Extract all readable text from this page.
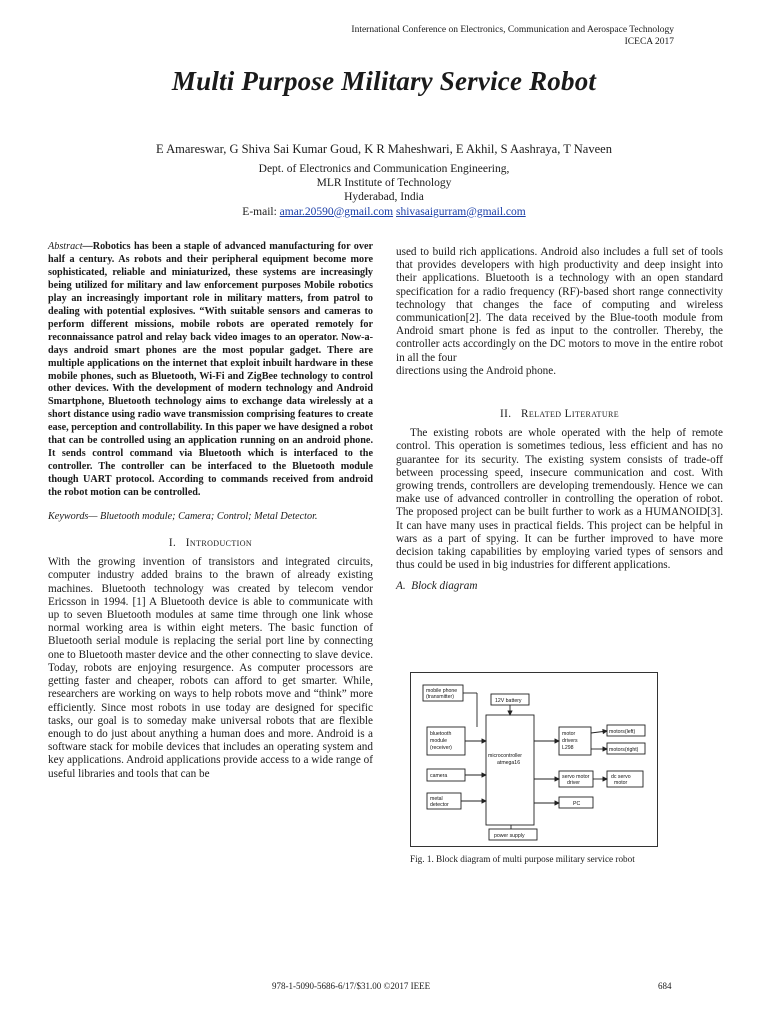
International Conference on Electronics, Communication and Aerospace Technology
ICECA 2017
Multi Purpose Military Service Robot
E Amareswar, G Shiva Sai Kumar Goud, K R Maheshwari, E Akhil, S Aashraya, T Naveen
Dept. of Electronics and Communication Engineering,
MLR Institute of Technology
Hyderabad, India
E-mail: amar.20590@gmail.com shivasaigurram@gmail.com

Abstract—Robotics has been a staple of advanced manufacturing for over half a century. As robots and their peripheral equipment become more sophisticated, reliable and miniaturized, these systems are increasingly being utilized for military and law enforcement purposes Mobile robotics play an increasingly important role in military matters, from patrol to dealing with potential explosives. “With suitable sensors and cameras to perform different missions, mobile robots are operated remotely for reconnaissance patrol and relay back video images to an operator. Now-a-days android smart phones are the most popular gadget. There are multiple applications on the internet that exploit inbuilt hardware in these mobile phones, such as Bluetooth, Wi-Fi and ZigBee technology to control other devices. With the development of modern technology and Android Smartphone, Bluetooth technology aims to exchange data wirelessly at a short distance using radio wave transmission comprising features to create ease, perception and controllability. In this paper we have designed a robot that can be controlled using an application running on an android phone. It sends control command via Bluetooth which is interfaced to the controller. The controller can be interfaced to the Bluetooth module though UART protocol. According to commands received from android the robot motion can be controlled.

Keywords— Bluetooth module; Camera; Control; Metal Detector.

I. Introduction

With the growing invention of transistors and integrated circuits, computer industry added brains to the brawn of already existing machines. Bluetooth technology was created by telecom vendor Ericsson in 1994. [1] A Bluetooth device is able to communicate with up to seven Bluetooth modules at same time through one link whose normal working area is within eight meters. The basic function of Bluetooth serial module is replacing the serial port line by connecting one to Bluetooth master device and the other connecting to slave device. Today, robots are enjoying resurgence. As computer processors are getting faster and cheaper, robots can afford to get smarter. While, researchers are working on ways to help robots move and “think” more efficiently. Since most robots in use today are designed for specific tasks, our goal is to someday make universal robots that are flexible enough to do just about anything a human does and more. Android is a software stack for mobile devices that includes an operating system and key applications. Android applications provide access to a wide range of useful libraries and tools that can be

used to build rich applications. Android also includes a full set of tools that provides developers with high productivity and deep insight into their applications. Bluetooth is a technology with an open standard specification for a radio frequency (RF)-based short range connectivity technology that changes the face of computing and wireless communication[2]. The data received by the Blue-tooth module from Android smart phone is fed as input to the controller. Thereby, the controller acts accordingly on the DC motors to move in the entire robot in all the four

directions using the Android phone.

II. Related Literature

The existing robots are whole operated with the help of remote control. This operation is sometimes tedious, less efficient and has no guarantee for its security. The existing system consists of trade-off between processing speed, insecure communication and cost. With growing trends, controllers are developing tremendously. Hence we can make use of advanced controller in controlling the operation of robot. The proposed project can be built further to work as a HUMANOID[3]. It can have many uses in practical fields. This project can be helpful in wars as a part of spying. It can be further improved to have more decision taking capabilities by employing varied types of sensors and thus could be used in big industries for different applications.

A. Block diagram

mobile phone
(transmitter)
12V battery
bluetooth
module
(receiver)
camera
metal
detector
microcontroller
atmega16
motor
drivers
L298
motors(left)
motors(right)
servo motor
driver
dc servo
motor
PC
power supply
Fig. 1. Block diagram of multi purpose military service robot
978-1-5090-5686-6/17/$31.00 ©2017 IEEE	684
